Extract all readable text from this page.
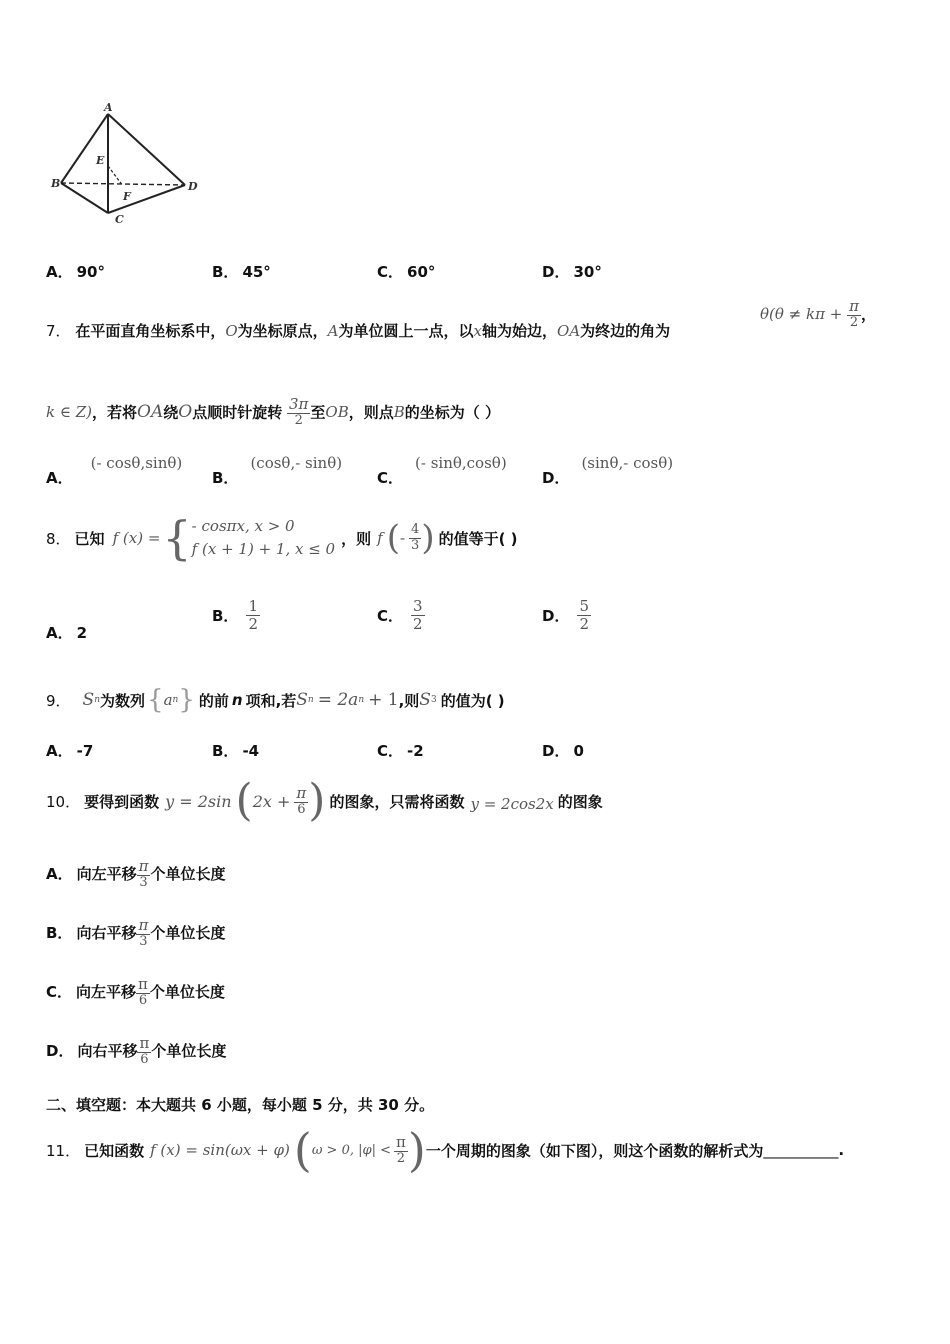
A
B
C
D
E
F
A． 90°	B． 45°	C． 60°	D． 30°
7． 在平面直角坐标系中，O为坐标原点，A为单位圆上一点，以x轴为始边，OA为终边的角为
$\theta(\theta \ne k\pi + \frac{\pi}{2}$ ，
k ∈ Z)，若将OA绕O点顺时针旋转 $\frac{3\pi}{2}$ 至OB，则点B的坐标为（ ）
A．(- cosθ,sinθ)
B．(cosθ,- sinθ)
C．(- sinθ,cosθ)
D．(sinθ,- cosθ)
8． 已知 f (x) = { - cosπx, x > 0
f (x + 1) + 1, x ≤ 0
，则 f ( - $\frac{4}{3}$ ) 的值等于( )
A． 2
B． $\frac{1}{2}$	C． $\frac{3}{2}$	D． $\frac{5}{2}$
9． S n 为数列 { a n } 的前 n 项和,若 S n = 2a n + 1 ,则 S 3 的值为( )
A． -7	B． -4	C． -2	D． 0
10． 要得到函数 y = 2sin ( $2x + \frac{\pi}{6}$ ) 的图象，只需将函数 y = 2cos2x 的图象
A． 向左平移 $\frac{\pi}{3}$ 个单位长度
B． 向右平移 $\frac{\pi}{3}$ 个单位长度
C． 向左平移 $\frac{\pi}{6}$ 个单位长度
D． 向右平移 $\frac{\pi}{6}$ 个单位长度
二、填空题：本大题共 6 小题，每小题 5 分，共 30 分。
11． 已知函数 f (x) = sin(ωx + φ) ( ω > 0, $|\varphi| < \frac{\pi}{2}$ ) 一个周期的图象（如下图），则这个函数的解析式为 __________ .
